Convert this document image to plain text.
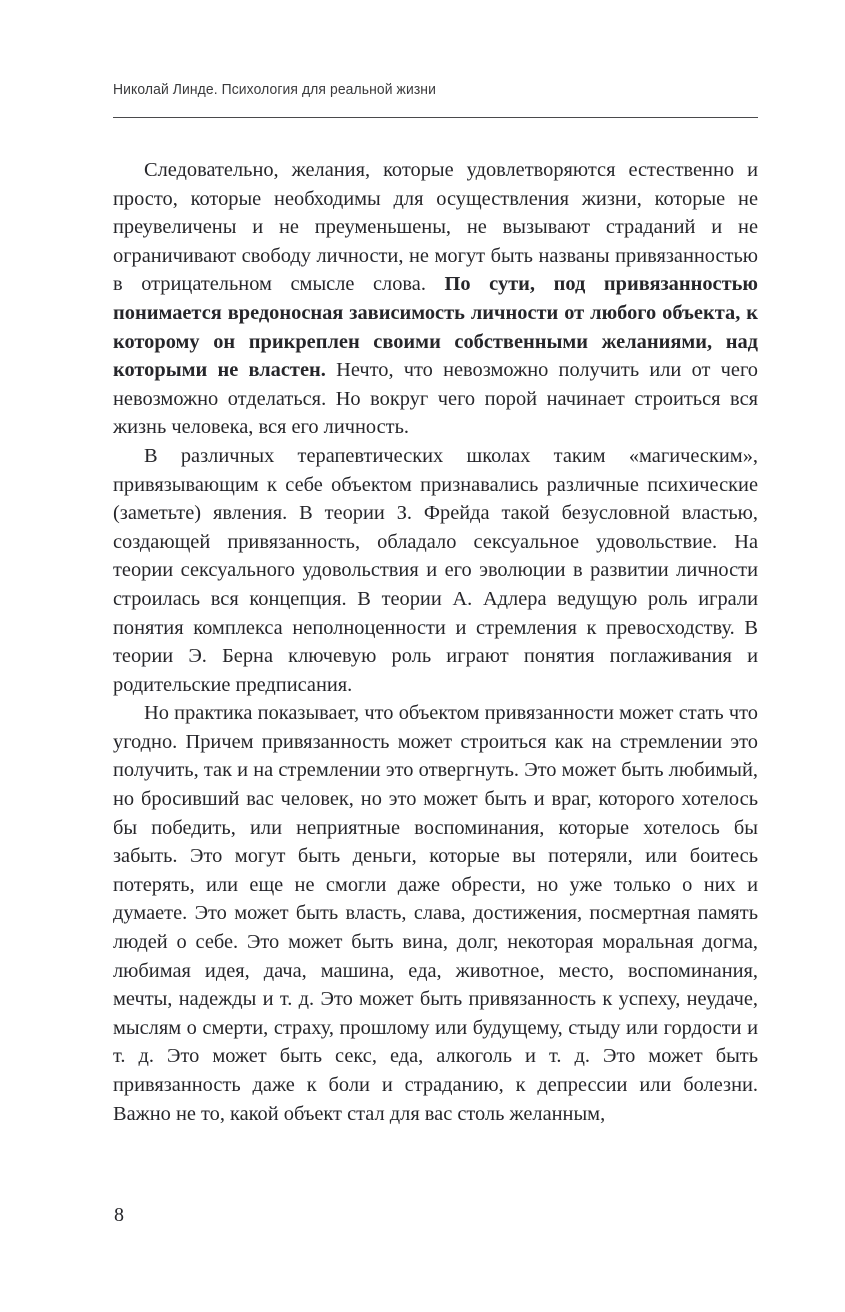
Николай Линде. Психология для реальной жизни

Следовательно, желания, которые удовлетворяются естественно и просто, которые необходимы для осуществления жизни, которые не преувеличены и не преуменьшены, не вызывают страданий и не ограничивают свободу личности, не могут быть названы привязанностью в отрицательном смысле слова. По сути, под привязанностью понимается вредоносная зависимость личности от любого объекта, к которому он прикреплен своими собственными желаниями, над которыми не властен. Нечто, что невозможно получить или от чего невозможно отделаться. Но вокруг чего порой начинает строиться вся жизнь человека, вся его личность.

В различных терапевтических школах таким «магическим», привязывающим к себе объектом признавались различные психические (заметьте) явления. В теории З. Фрейда такой безусловной властью, создающей привязанность, обладало сексуальное удовольствие. На теории сексуального удовольствия и его эволюции в развитии личности строилась вся концепция. В теории А. Адлера ведущую роль играли понятия комплекса неполноценности и стремления к превосходству. В теории Э. Берна ключевую роль играют понятия поглаживания и родительские предписания.

Но практика показывает, что объектом привязанности может стать что угодно. Причем привязанность может строиться как на стремлении это получить, так и на стремлении это отвергнуть. Это может быть любимый, но бросивший вас человек, но это может быть и враг, которого хотелось бы победить, или неприятные воспоминания, которые хотелось бы забыть. Это могут быть деньги, которые вы потеряли, или боитесь потерять, или еще не смогли даже обрести, но уже только о них и думаете. Это может быть власть, слава, достижения, посмертная память людей о себе. Это может быть вина, долг, некоторая моральная догма, любимая идея, дача, машина, еда, животное, место, воспоминания, мечты, надежды и т. д. Это может быть привязанность к успеху, неудаче, мыслям о смерти, страху, прошлому или будущему, стыду или гордости и т. д. Это может быть секс, еда, алкоголь и т. д. Это может быть привязанность даже к боли и страданию, к депрессии или болезни. Важно не то, какой объект стал для вас столь желанным,

8
